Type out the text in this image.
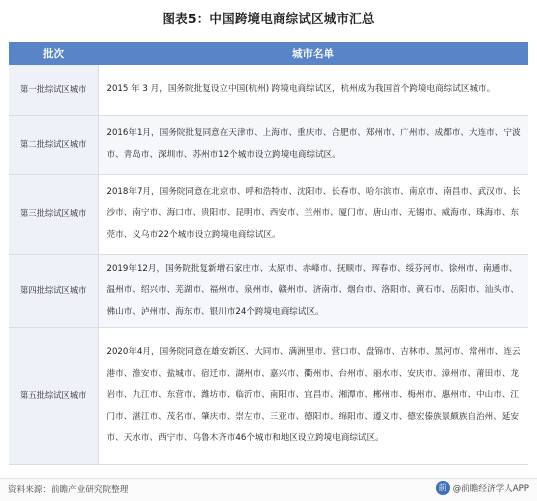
图表5：中国跨境电商综试区城市汇总
批次	城市名单
第一批综试区城市	2015 年 3 月，国务院批复设立中国(杭州) 跨境电商综试区，杭州成为我国首个跨境电商综试区城市。
第二批综试区城市	2016年1月，国务院批复同意在天津市、上海市、重庆市、合肥市、郑州市、广州市、成都市、大连市、宁波市、青岛市、深圳市、苏州市12个城市设立跨境电商综试区。
第三批综试区城市	2018年7月，国务院同意在北京市、呼和浩特市、沈阳市、长春市、哈尔滨市、南京市、南昌市、武汉市、长沙市、南宁市、海口市、贵阳市、昆明市、西安市、兰州市、厦门市、唐山市、无锡市、威海市、珠海市、东莞市、义乌市22个城市设立跨境电商综试区。
第四批综试区城市	2019年12月，国务院批复新增石家庄市、太原市、赤峰市、抚顺市、珲春市、绥芬河市、徐州市、南通市、温州市、绍兴市、芜湖市、福州市、泉州市、赣州市、济南市、烟台市、洛阳市、黄石市、岳阳市、汕头市、佛山市、泸州市、海东市、银川市24个跨境电商综试区。
第五批综试区城市	2020年4月，国务院同意在雄安新区、大同市、满洲里市、营口市、盘锦市、吉林市、黑河市、常州市、连云港市、淮安市、盐城市、宿迁市、湖州市、嘉兴市、衢州市、台州市、丽水市、安庆市、漳州市、莆田市、龙岩市、九江市、东营市、潍坊市、临沂市、南阳市、宜昌市、湘潭市、郴州市、梅州市、惠州市、中山市、江门市、湛江市、茂名市、肇庆市、崇左市、三亚市、德阳市、绵阳市、遵义市、德宏傣族景颇族自治州、延安市、天水市、西宁市、乌鲁木齐市46个城市和地区设立跨境电商综试区。
资料来源：前瞻产业研究院整理	前 @前瞻经济学人APP
